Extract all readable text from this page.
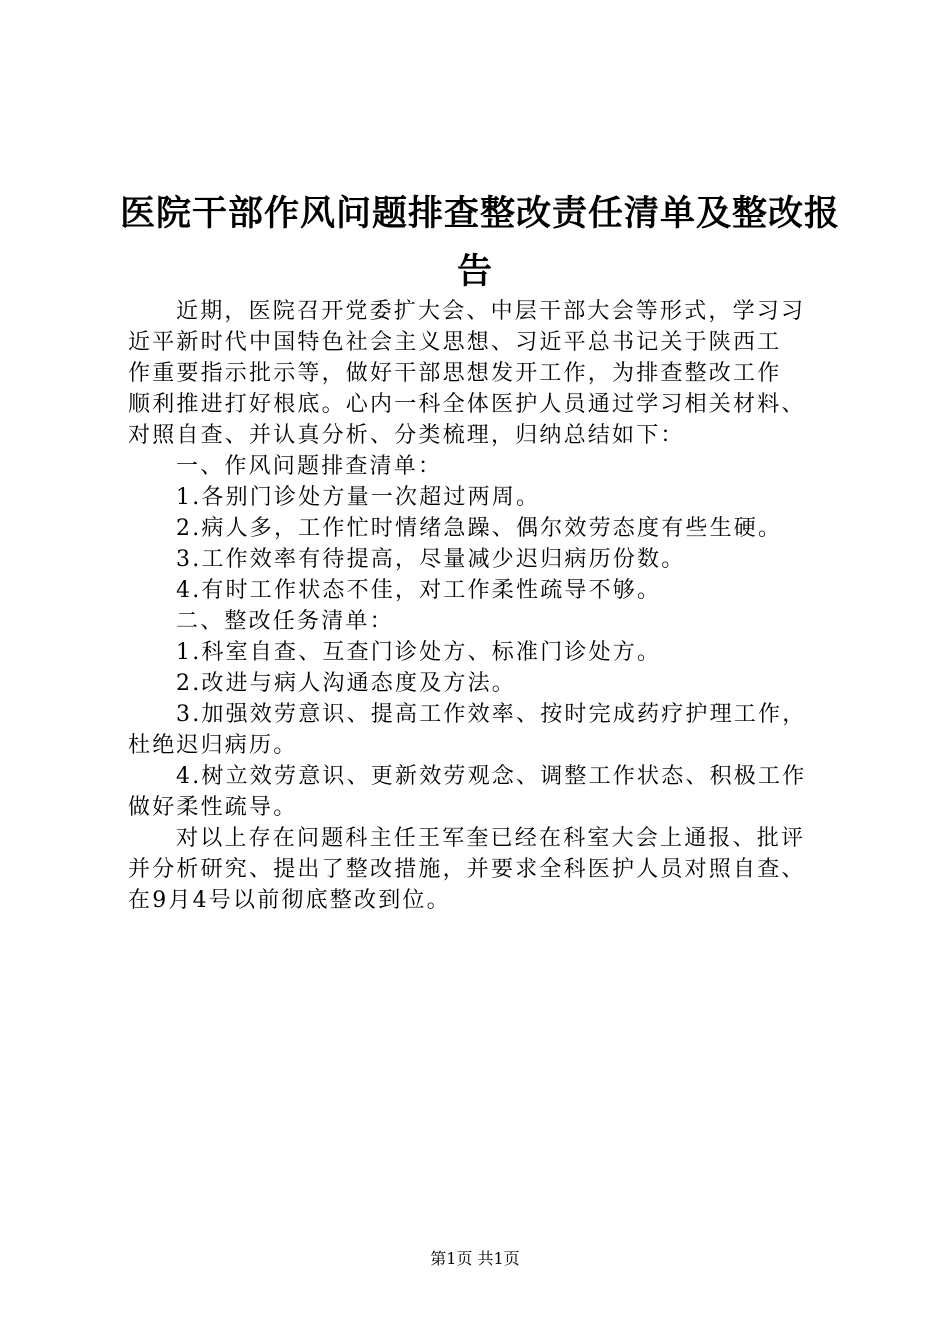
医院干部作风问题排查整改责任清单及整改报
告
近期，医院召开党委扩大会、中层干部大会等形式，学习习
近平新时代中国特色社会主义思想、习近平总书记关于陕西工
作重要指示批示等，做好干部思想发开工作，为排查整改工作
顺利推进打好根底。心内一科全体医护人员通过学习相关材料、
对照自查、并认真分析、分类梳理，归纳总结如下：
一、作风问题排查清单：
1.各别门诊处方量一次超过两周。
2.病人多，工作忙时情绪急躁、偶尔效劳态度有些生硬。
3.工作效率有待提高，尽量减少迟归病历份数。
4.有时工作状态不佳，对工作柔性疏导不够。
二、整改任务清单：
1.科室自查、互查门诊处方、标准门诊处方。
2.改进与病人沟通态度及方法。
3.加强效劳意识、提高工作效率、按时完成药疗护理工作，
杜绝迟归病历。
4.树立效劳意识、更新效劳观念、调整工作状态、积极工作
做好柔性疏导。
对以上存在问题科主任王军奎已经在科室大会上通报、批评
并分析研究、提出了整改措施，并要求全科医护人员对照自查、
在9月4号以前彻底整改到位。
第1页 共1页
